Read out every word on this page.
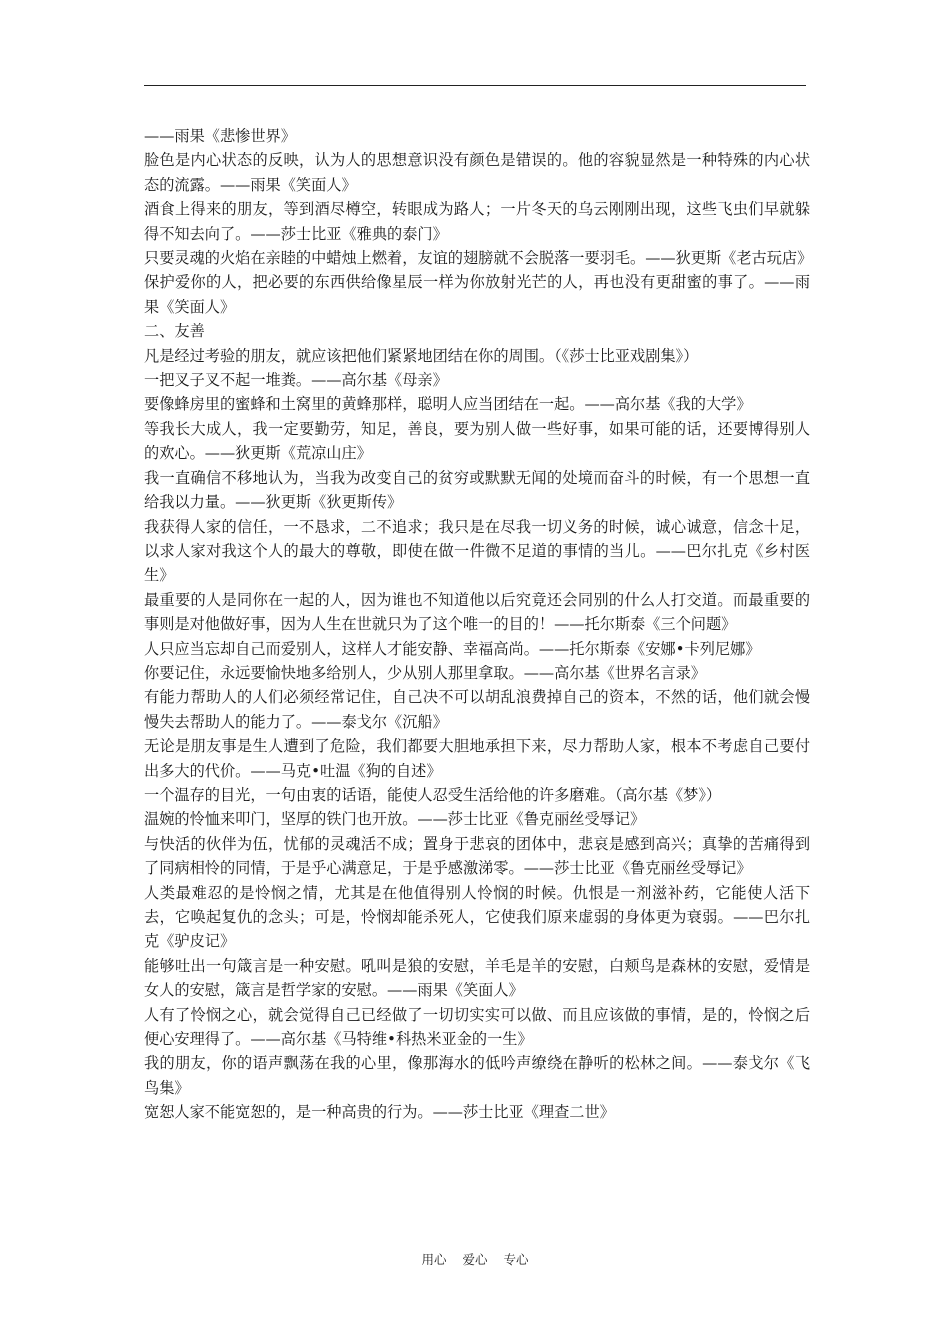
——雨果《悲惨世界》

脸色是内心状态的反映，认为人的思想意识没有颜色是错误的。他的容貌显然是一种特殊的内心状态的流露。——雨果《笑面人》

酒食上得来的朋友，等到酒尽樽空，转眼成为路人；一片冬天的乌云刚刚出现，这些飞虫们早就躲得不知去向了。——莎士比亚《雅典的泰门》

只要灵魂的火焰在亲睦的中蜡烛上燃着，友谊的翅膀就不会脱落一要羽毛。——狄更斯《老古玩店》

保护爱你的人，把必要的东西供给像星辰一样为你放射光芒的人，再也没有更甜蜜的事了。——雨果《笑面人》

二、友善

凡是经过考验的朋友，就应该把他们紧紧地团结在你的周围。（《莎士比亚戏剧集》）

一把叉子叉不起一堆粪。——高尔基《母亲》

要像蜂房里的蜜蜂和土窝里的黄蜂那样，聪明人应当团结在一起。——高尔基《我的大学》

等我长大成人，我一定要勤劳，知足，善良，要为别人做一些好事，如果可能的话，还要博得别人的欢心。——狄更斯《荒凉山庄》

我一直确信不移地认为，当我为改变自己的贫穷或默默无闻的处境而奋斗的时候，有一个思想一直给我以力量。——狄更斯《狄更斯传》

我获得人家的信任，一不恳求，二不追求；我只是在尽我一切义务的时候，诚心诚意，信念十足，以求人家对我这个人的最大的尊敬，即使在做一件微不足道的事情的当儿。——巴尔扎克《乡村医生》

最重要的人是同你在一起的人，因为谁也不知道他以后究竟还会同别的什么人打交道。而最重要的事则是对他做好事，因为人生在世就只为了这个唯一的目的！——托尔斯泰《三个问题》

人只应当忘却自己而爱别人，这样人才能安静、幸福高尚。——托尔斯泰《安娜•卡列尼娜》

你要记住，永远要愉快地多给别人，少从别人那里拿取。——高尔基《世界名言录》

有能力帮助人的人们必须经常记住，自己决不可以胡乱浪费掉自己的资本，不然的话，他们就会慢慢失去帮助人的能力了。——泰戈尔《沉船》

无论是朋友事是生人遭到了危险，我们都要大胆地承担下来，尽力帮助人家，根本不考虑自己要付出多大的代价。——马克•吐温《狗的自述》

一个温存的目光，一句由衷的话语，能使人忍受生活给他的许多磨难。（高尔基《梦》）

温婉的怜恤来叩门，坚厚的铁门也开放。——莎士比亚《鲁克丽丝受辱记》

与快活的伙伴为伍，忧郁的灵魂活不成；置身于悲哀的团体中，悲哀是感到高兴；真挚的苦痛得到了同病相怜的同情，于是乎心满意足，于是乎感激涕零。——莎士比亚《鲁克丽丝受辱记》

人类最难忍的是怜悯之情，尤其是在他值得别人怜悯的时候。仇恨是一剂滋补药，它能使人活下去，它唤起复仇的念头；可是，怜悯却能杀死人，它使我们原来虚弱的身体更为衰弱。——巴尔扎克《驴皮记》

能够吐出一句箴言是一种安慰。吼叫是狼的安慰，羊毛是羊的安慰，白颊鸟是森林的安慰，爱情是女人的安慰，箴言是哲学家的安慰。——雨果《笑面人》

人有了怜悯之心，就会觉得自己已经做了一切切实实可以做、而且应该做的事情，是的，怜悯之后便心安理得了。——高尔基《马特维•科热米亚金的一生》

我的朋友，你的语声飘荡在我的心里，像那海水的低吟声缭绕在静听的松林之间。——泰戈尔《飞鸟集》

宽恕人家不能宽恕的，是一种高贵的行为。——莎士比亚《理查二世》

用心 爱心 专心
